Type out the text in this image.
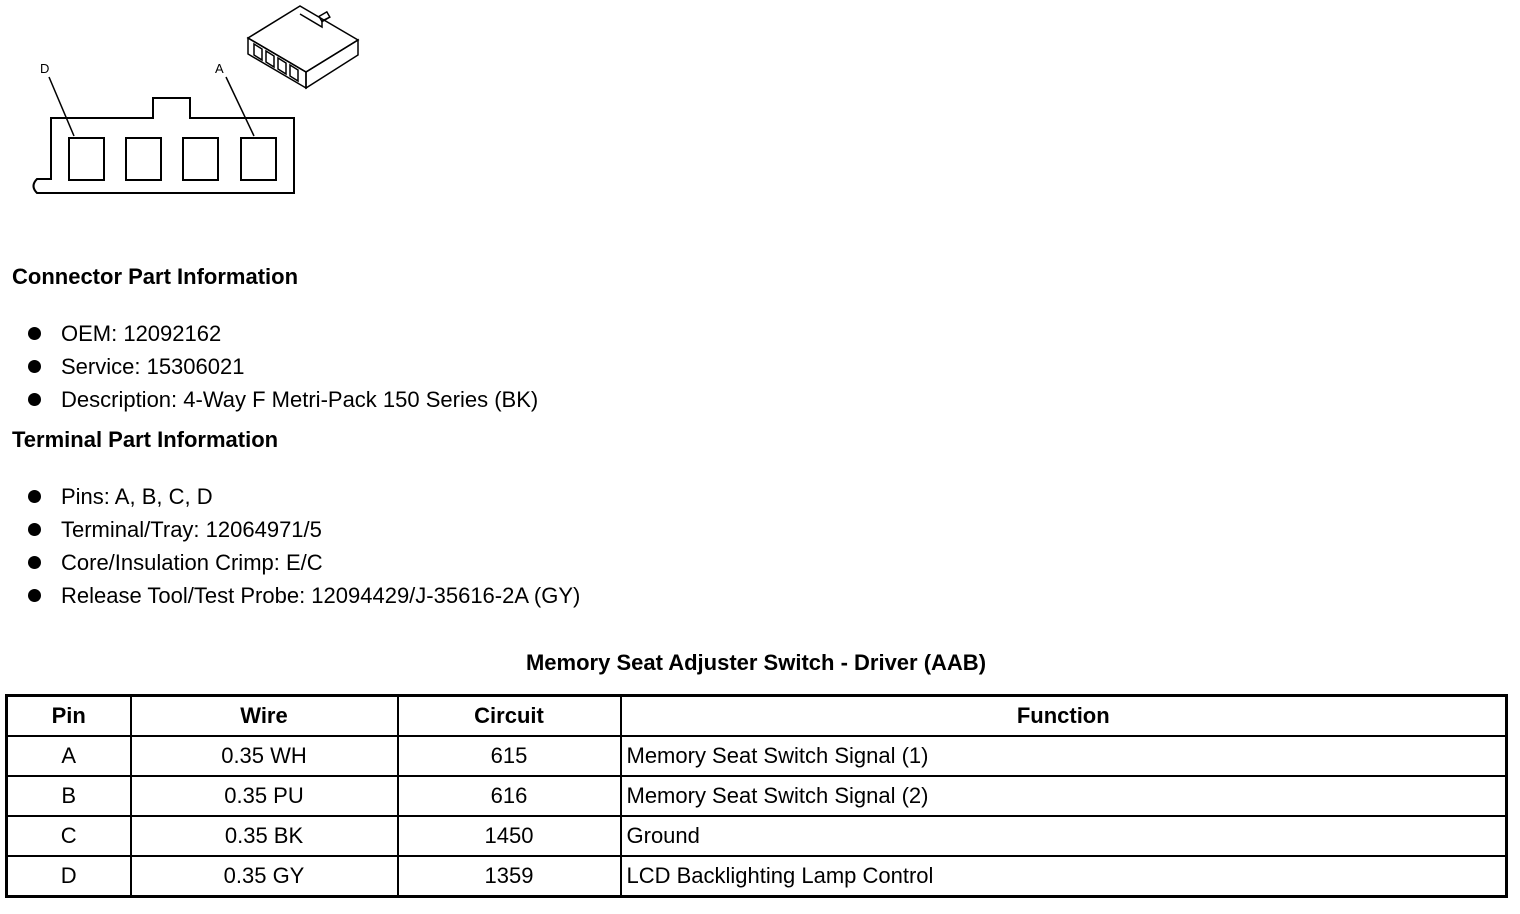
D	A
Connector Part Information
OEM: 12092162
Service: 15306021
Description: 4-Way F Metri-Pack 150 Series (BK)
Terminal Part Information
Pins: A, B, C, D
Terminal/Tray: 12064971/5
Core/Insulation Crimp: E/C
Release Tool/Test Probe: 12094429/J-35616-2A (GY)
Memory Seat Adjuster Switch - Driver (AAB)
Pin	Wire	Circuit	Function
A	0.35 WH	615	Memory Seat Switch Signal (1)
B	0.35 PU	616	Memory Seat Switch Signal (2)
C	0.35 BK	1450	Ground
D	0.35 GY	1359	LCD Backlighting Lamp Control
